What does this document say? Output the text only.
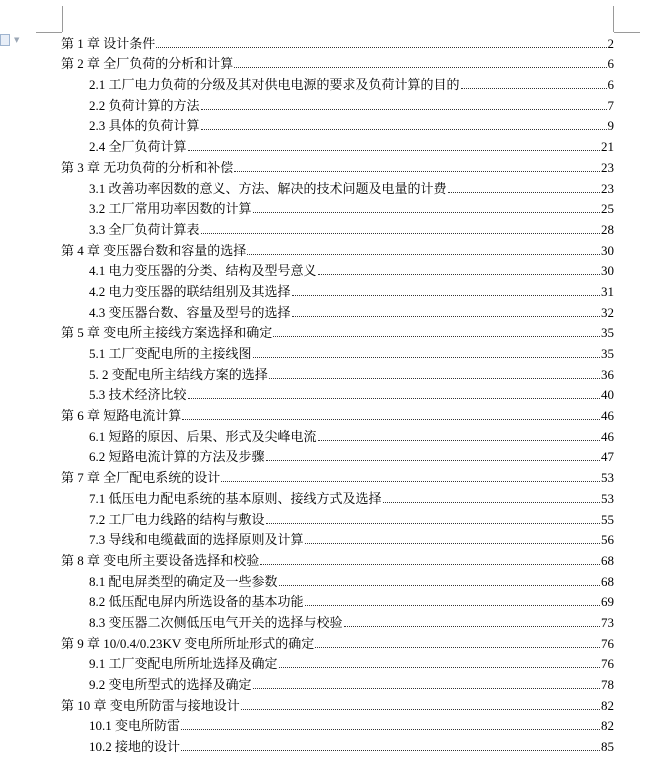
▼	第 1 章 设计条件	2
第 2 章 全厂负荷的分析和计算	6
2.1 工厂电力负荷的分级及其对供电电源的要求及负荷计算的目的	6
2.2 负荷计算的方法	7
2.3 具体的负荷计算	9
2.4 全厂负荷计算	21
第 3 章 无功负荷的分析和补偿	23
3.1 改善功率因数的意义、方法、解决的技术问题及电量的计费	23
3.2 工厂常用功率因数的计算	25
3.3 全厂负荷计算表	28
第 4 章 变压器台数和容量的选择	30
4.1 电力变压器的分类、结构及型号意义	30
4.2 电力变压器的联结组别及其选择	31
4.3 变压器台数、容量及型号的选择	32
第 5 章 变电所主接线方案选择和确定	35
5.1 工厂变配电所的主接线图	35
5. 2 变配电所主结线方案的选择	36
5.3 技术经济比较	40
第 6 章 短路电流计算	46
6.1 短路的原因、后果、形式及尖峰电流	46
6.2 短路电流计算的方法及步骤	47
第 7 章 全厂配电系统的设计	53
7.1 低压电力配电系统的基本原则、接线方式及选择	53
7.2 工厂电力线路的结构与敷设	55
7.3 导线和电缆截面的选择原则及计算	56
第 8 章 变电所主要设备选择和校验	68
8.1 配电屏类型的确定及一些参数	68
8.2 低压配电屏内所选设备的基本功能	69
8.3 变压器二次侧低压电气开关的选择与校验	73
第 9 章 10/0.4/0.23KV 变电所所址形式的确定	76
9.1 工厂变配电所所址选择及确定	76
9.2 变电所型式的选择及确定	78
第 10 章 变电所防雷与接地设计	82
10.1 变电所防雷	82
10.2 接地的设计	85
